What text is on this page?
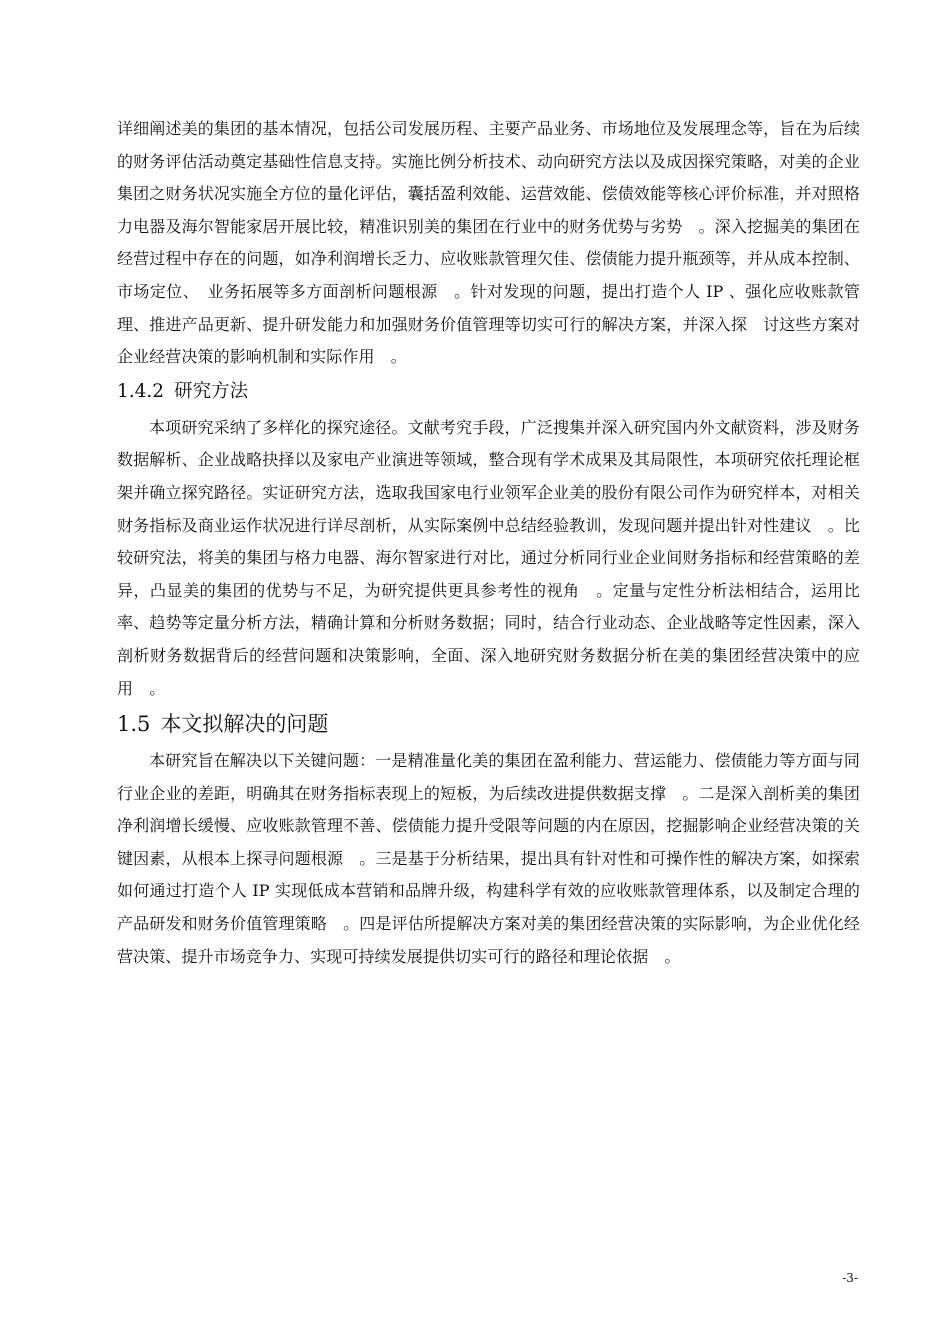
详细阐述美的集团的基本情况，包括公司发展历程、主要产品业务、市场地位及发展理念等，旨在为后续的财务评估活动奠定基础性信息支持。实施比例分析技术、动向研究方法以及成因探究策略，对美的企业集团之财务状况实施全方位的量化评估，囊括盈利效能、运营效能、偿债效能等核心评价标准，并对照格力电器及海尔智能家居开展比较，精准识别美的集团在行业中的财务优势与劣势　。深入挖掘美的集团在经营过程中存在的问题，如净利润增长乏力、应收账款管理欠佳、偿债能力提升瓶颈等，并从成本控制、市场定位、　业务拓展等多方面剖析问题根源　。针对发现的问题，提出打造个人 IP 、强化应收账款管　理、推进产品更新、提升研发能力和加强财务价值管理等切实可行的解决方案，并深入探　讨这些方案对企业经营决策的影响机制和实际作用　。

1.4.2 研究方法

本项研究采纳了多样化的探究途径。文献考究手段，广泛搜集并深入研究国内外文献资料，涉及财务数据解析、企业战略抉择以及家电产业演进等领域，整合现有学术成果及其局限性，本项研究依托理论框架并确立探究路径。实证研究方法，选取我国家电行业领军企业美的股份有限公司作为研究样本，对相关财务指标及商业运作状况进行详尽剖析，从实际案例中总结经验教训，发现问题并提出针对性建议　。比较研究法，将美的集团与格力电器、海尔智家进行对比，通过分析同行业企业间财务指标和经营策略的差异，凸显美的集团的优势与不足，为研究提供更具参考性的视角　。定量与定性分析法相结合，运用比率、趋势等定量分析方法，精确计算和分析财务数据；同时，结合行业动态、企业战略等定性因素，深入剖析财务数据背后的经营问题和决策影响，全面、深入地研究财务数据分析在美的集团经营决策中的应用　。

1.5 本文拟解决的问题

本研究旨在解决以下关键问题：一是精准量化美的集团在盈利能力、营运能力、偿债能力等方面与同行业企业的差距，明确其在财务指标表现上的短板，为后续改进提供数据支撑　。二是深入剖析美的集团净利润增长缓慢、应收账款管理不善、偿债能力提升受限等问题的内在原因，挖掘影响企业经营决策的关键因素，从根本上探寻问题根源　。三是基于分析结果，提出具有针对性和可操作性的解决方案，如探索如何通过打造个人 IP 实现低成本营销和品牌升级，构建科学有效的应收账款管理体系，以及制定合理的产品研发和财务价值管理策略　。四是评估所提解决方案对美的集团经营决策的实际影响，为企业优化经营决策、提升市场竞争力、实现可持续发展提供切实可行的路径和理论依据　。

-3-
